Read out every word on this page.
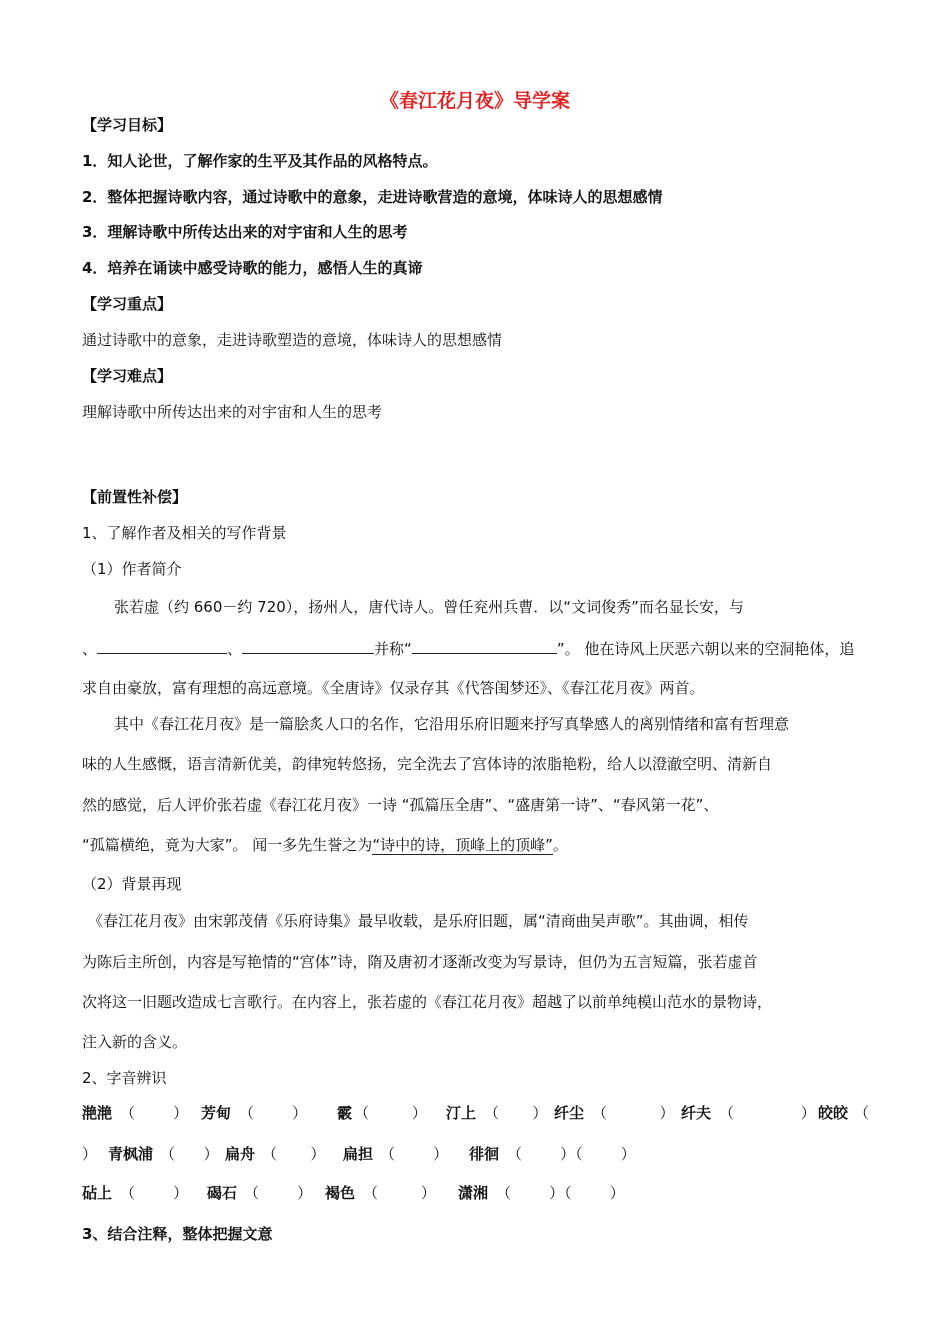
《春江花月夜》导学案
【学习目标】
1．知人论世，了解作家的生平及其作品的风格特点。
2．整体把握诗歌内容，通过诗歌中的意象，走进诗歌营造的意境，体味诗人的思想感情
3．理解诗歌中所传达出来的对宇宙和人生的思考
4．培养在诵读中感受诗歌的能力，感悟人生的真谛
【学习重点】
通过诗歌中的意象，走进诗歌塑造的意境，体味诗人的思想感情
【学习难点】
理解诗歌中所传达出来的对宇宙和人生的思考
【前置性补偿】
1、了解作者及相关的写作背景
（1）作者简介
张若虚（约 660－约 720），扬州人，唐代诗人。曾任兖州兵曹．以“文词俊秀”而名显长安，与
、	、	并称“	”。 他在诗风上厌恶六朝以来的空洞艳体，追
求自由豪放，富有理想的高远意境。《全唐诗》仅录存其《代答闺梦还》、《春江花月夜》两首。
其中《春江花月夜》是一篇脍炙人口的名作，它沿用乐府旧题来抒写真挚感人的离别情绪和富有哲理意
味的人生感慨，语言清新优美，韵律宛转悠扬，完全洗去了宫体诗的浓脂艳粉，给人以澄澈空明、清新自
然的感觉，后人评价张若虚《春江花月夜》一诗 “孤篇压全唐”、“盛唐第一诗”、“春风第一花”、
“孤篇横绝，竟为大家”。 闻一多先生誉之为“诗中的诗，顶峰上的顶峰”。
（2）背景再现
《春江花月夜》由宋郭茂倩《乐府诗集》最早收载，是乐府旧题，属“清商曲吴声歌”。其曲调，相传
为陈后主所创，内容是写艳情的“宫体”诗，隋及唐初才逐渐改变为写景诗，但仍为五言短篇，张若虚首
次将这一旧题改造成七言歌行。在内容上，张若虚的《春江花月夜》超越了以前单纯模山范水的景物诗，
注入新的含义。
2、字音辨识
滟滟 （        ） 芳甸 （        ） 霰 （         ） 汀上 （       ） 纤尘 （           ） 纤夫 （              ） 皎皎 （
） 青枫浦 （      ） 扁舟 （       ） 扁担 （        ） 徘徊 （        ）（        ）
砧上 （        ） 碣石 （        ） 褐色 （         ） 潇湘 （        ）（        ）
3、结合注释，整体把握文意
